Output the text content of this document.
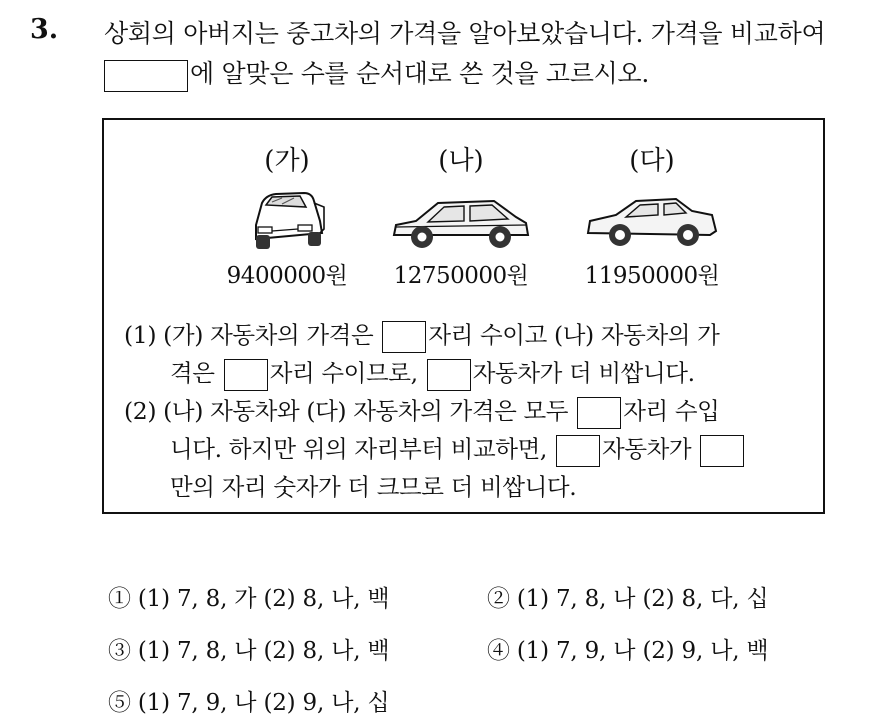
3. 상회의 아버지는 중고차의 가격을 알아보았습니다. 가격을 비교하여
에 알맞은 수를 순서대로 쓴 것을 고르시오.
(가)
9400000원
(나)
12750000원
(다)
11950000원
(1) (가) 자동차의 가격은 자리 수이고 (나) 자동차의 가
격은 자리 수이므로, 자동차가 더 비쌉니다.
(2) (나) 자동차와 (다) 자동차의 가격은 모두 자리 수입
니다. 하지만 위의 자리부터 비교하면, 자동차가
만의 자리 숫자가 더 크므로 더 비쌉니다.
① (1) 7, 8, 가 (2) 8, 나, 백	② (1) 7, 8, 나 (2) 8, 다, 십
③ (1) 7, 8, 나 (2) 8, 나, 백	④ (1) 7, 9, 나 (2) 9, 나, 백
⑤ (1) 7, 9, 나 (2) 9, 나, 십
